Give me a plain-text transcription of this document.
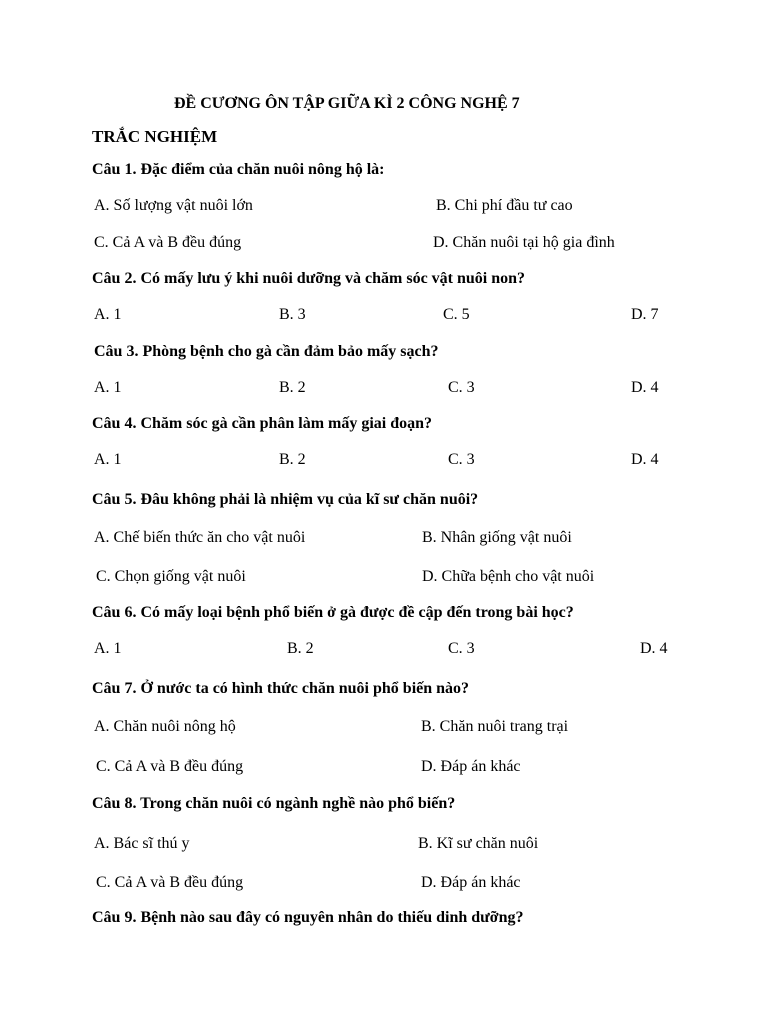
ĐỀ CƯƠNG ÔN TẬP GIỮA KÌ 2 CÔNG NGHỆ 7
TRẮC NGHIỆM
Câu 1. Đặc điểm của chăn nuôi nông hộ là:
A. Số lượng vật nuôi lớn	B. Chi phí đầu tư cao
C. Cả A và B đều đúng	D. Chăn nuôi tại hộ gia đình
Câu 2. Có mấy lưu ý khi nuôi dưỡng và chăm sóc vật nuôi non?
A. 1	B. 3	C. 5	D. 7
Câu 3. Phòng bệnh cho gà cần đảm bảo mấy sạch?
A. 1	B. 2	C. 3	D. 4
Câu 4. Chăm sóc gà cần phân làm mấy giai đoạn?
A. 1	B. 2	C. 3	D. 4
Câu 5. Đâu không phải là nhiệm vụ của kĩ sư chăn nuôi?
A. Chế biến thức ăn cho vật nuôi	B. Nhân giống vật nuôi
C. Chọn giống vật nuôi	D. Chữa bệnh cho vật nuôi
Câu 6. Có mấy loại bệnh phổ biến ở gà được đề cập đến trong bài học?
A. 1	B. 2	C. 3	D. 4
Câu 7. Ở nước ta có hình thức chăn nuôi phổ biến nào?
A. Chăn nuôi nông hộ	B. Chăn nuôi trang trại
C. Cả A và B đều đúng	D. Đáp án khác
Câu 8. Trong chăn nuôi có ngành nghề nào phổ biến?
A. Bác sĩ thú y	B. Kĩ sư chăn nuôi
C. Cả A và B đều đúng	D. Đáp án khác
Câu 9. Bệnh nào sau đây có nguyên nhân do thiếu dinh dưỡng?
